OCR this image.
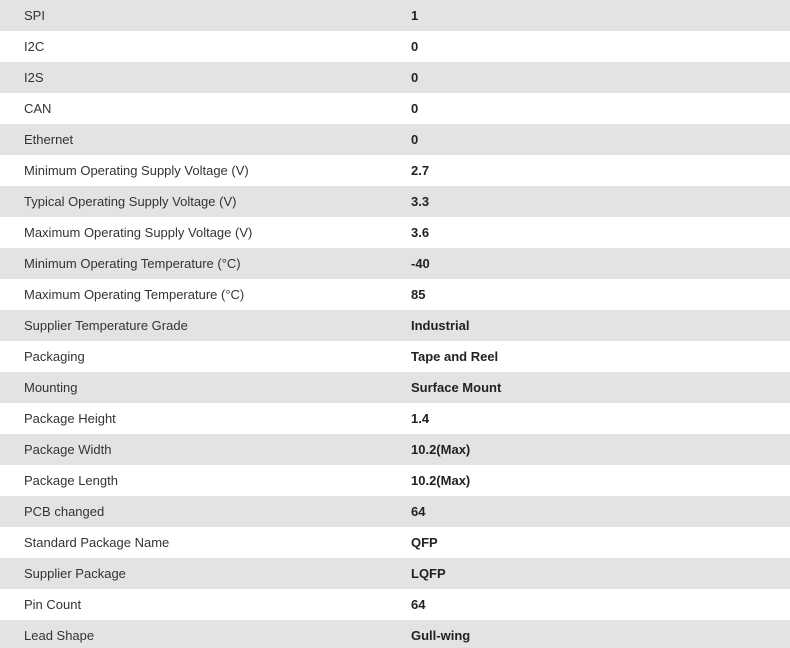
SPI	1
I2C	0
I2S	0
CAN	0
Ethernet	0
Minimum Operating Supply Voltage (V)	2.7
Typical Operating Supply Voltage (V)	3.3
Maximum Operating Supply Voltage (V)	3.6
Minimum Operating Temperature (°C)	-40
Maximum Operating Temperature (°C)	85
Supplier Temperature Grade	Industrial
Packaging	Tape and Reel
Mounting	Surface Mount
Package Height	1.4
Package Width	10.2(Max)
Package Length	10.2(Max)
PCB changed	64
Standard Package Name	QFP
Supplier Package	LQFP
Pin Count	64
Lead Shape	Gull-wing
